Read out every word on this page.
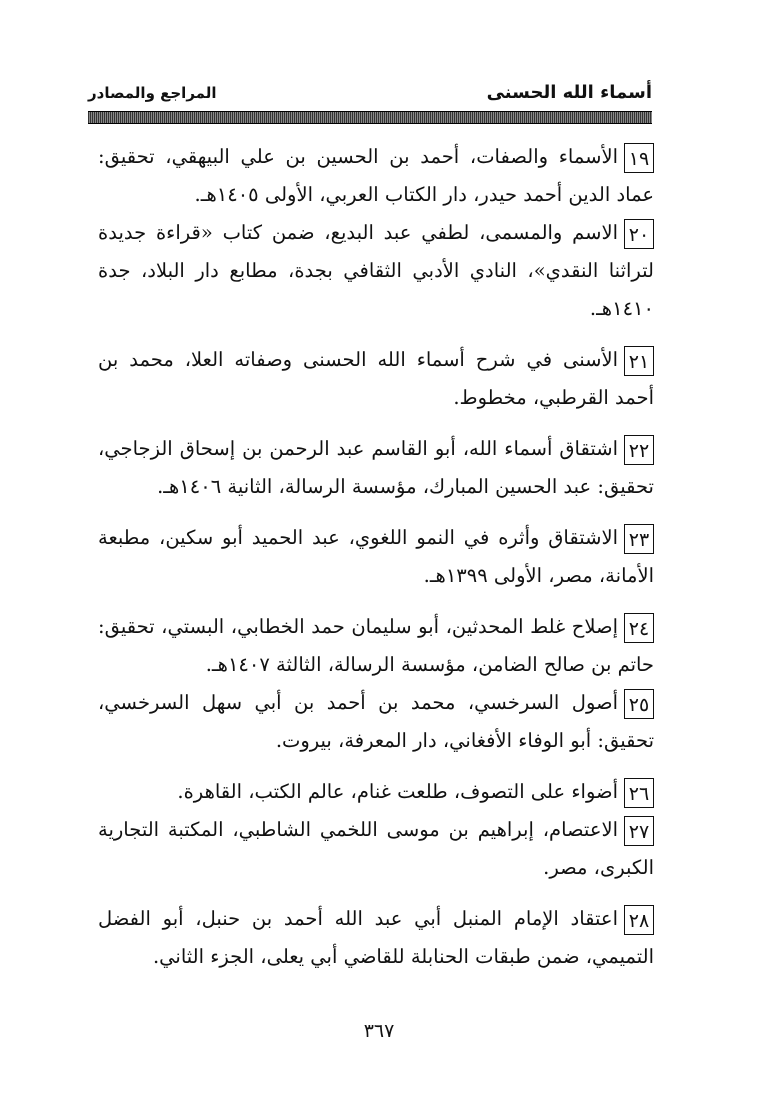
أسماء الله الحسنى
المراجع والمصادر

١٩الأسماء والصفات، أحمد بن الحسين بن علي البيهقي، تحقيق: عماد الدين أحمد حيدر، دار الكتاب العربي، الأولى ١٤٠٥هـ.

٢٠الاسم والمسمى، لطفي عبد البديع، ضمن كتاب «قراءة جديدة لتراثنا النقدي»، النادي الأدبي الثقافي بجدة، مطابع دار البلاد، جدة ١٤١٠هـ.

٢١الأسنى في شرح أسماء الله الحسنى وصفاته العلا، محمد بن أحمد القرطبي، مخطوط.

٢٢اشتقاق أسماء الله، أبو القاسم عبد الرحمن بن إسحاق الزجاجي، تحقيق: عبد الحسين المبارك، مؤسسة الرسالة، الثانية ١٤٠٦هـ.

٢٣الاشتقاق وأثره في النمو اللغوي، عبد الحميد أبو سكين، مطبعة الأمانة، مصر، الأولى ١٣٩٩هـ.

٢٤إصلاح غلط المحدثين، أبو سليمان حمد الخطابي، البستي، تحقيق: حاتم بن صالح الضامن، مؤسسة الرسالة، الثالثة ١٤٠٧هـ.

٢٥أصول السرخسي، محمد بن أحمد بن أبي سهل السرخسي، تحقيق: أبو الوفاء الأفغاني، دار المعرفة، بيروت.

٢٦أضواء على التصوف، طلعت غنام، عالم الكتب، القاهرة.

٢٧الاعتصام، إبراهيم بن موسى اللخمي الشاطبي، المكتبة التجارية الكبرى، مصر.

٢٨اعتقاد الإمام المنبل أبي عبد الله أحمد بن حنبل، أبو الفضل التميمي، ضمن طبقات الحنابلة للقاضي أبي يعلى، الجزء الثاني.

٣٦٧
